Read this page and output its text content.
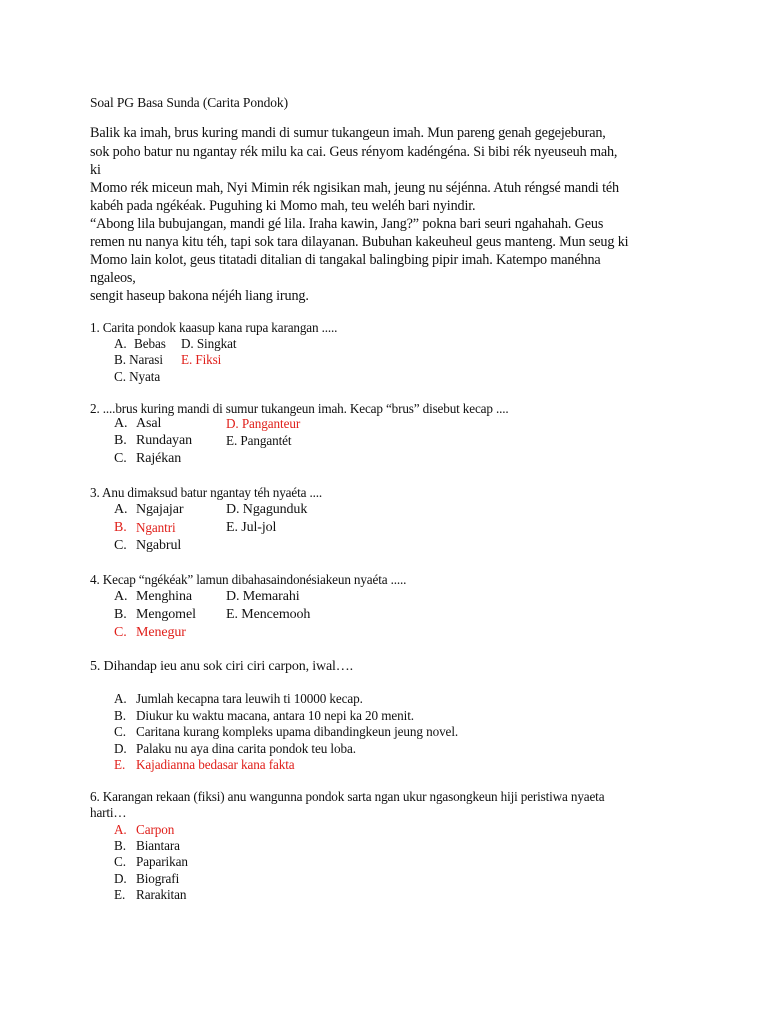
Soal PG Basa Sunda (Carita Pondok)
Balik ka imah, brus kuring mandi di sumur tukangeun imah. Mun pareng genah gegejeburan,
sok poho batur nu ngantay rék milu ka cai. Geus rényom kadéngéna. Si bibi rék nyeuseuh mah,
ki
Momo rék miceun mah, Nyi Mimin rék ngisikan mah, jeung nu séjénna. Atuh réngsé mandi téh
kabéh pada ngékéak. Puguhing ki Momo mah, teu weléh bari nyindir.
“Abong lila bubujangan, mandi gé lila. Iraha kawin, Jang?” pokna bari seuri ngahahah. Geus
remen nu nanya kitu téh, tapi sok tara dilayanan. Bubuhan kakeuheul geus manteng. Mun seug ki
Momo lain kolot, geus titatadi ditalian di tangakal balingbing pipir imah. Katempo manéhna
ngaleos,
sengit haseup bakona néjéh liang irung.
1. Carita pondok kaasup kana rupa karangan .....
A. Bebas D. Singkat
B. Narasi E. Fiksi
C. Nyata
2. ....brus kuring mandi di sumur tukangeun imah. Kecap “brus” disebut kecap ....
A. Asal	D. Panganteur
B. Rundayan	E. Pangantét
C. Rajékan
3. Anu dimaksud batur ngantay téh nyaéta ....
A. Ngajajar	D. Ngagunduk
B. Ngantri	E. Jul-jol
C. Ngabrul
4. Kecap “ngékéak” lamun dibahasaindonésiakeun nyaéta .....
A. Menghina D. Memarahi
B. Mengomel E. Mencemooh
C. Menegur
5. Dihandap ieu anu sok ciri ciri carpon, iwal….
A. Jumlah kecapna tara leuwih ti 10000 kecap.
B. Diukur ku waktu macana, antara 10 nepi ka 20 menit.
C. Caritana kurang kompleks upama dibandingkeun jeung novel.
D. Palaku nu aya dina carita pondok teu loba.
E. Kajadianna bedasar kana fakta
6. Karangan rekaan (fiksi) anu wangunna pondok sarta ngan ukur ngasongkeun hiji peristiwa nyaeta
harti…
A. Carpon
B. Biantara
C. Paparikan
D. Biografi
E. Rarakitan
